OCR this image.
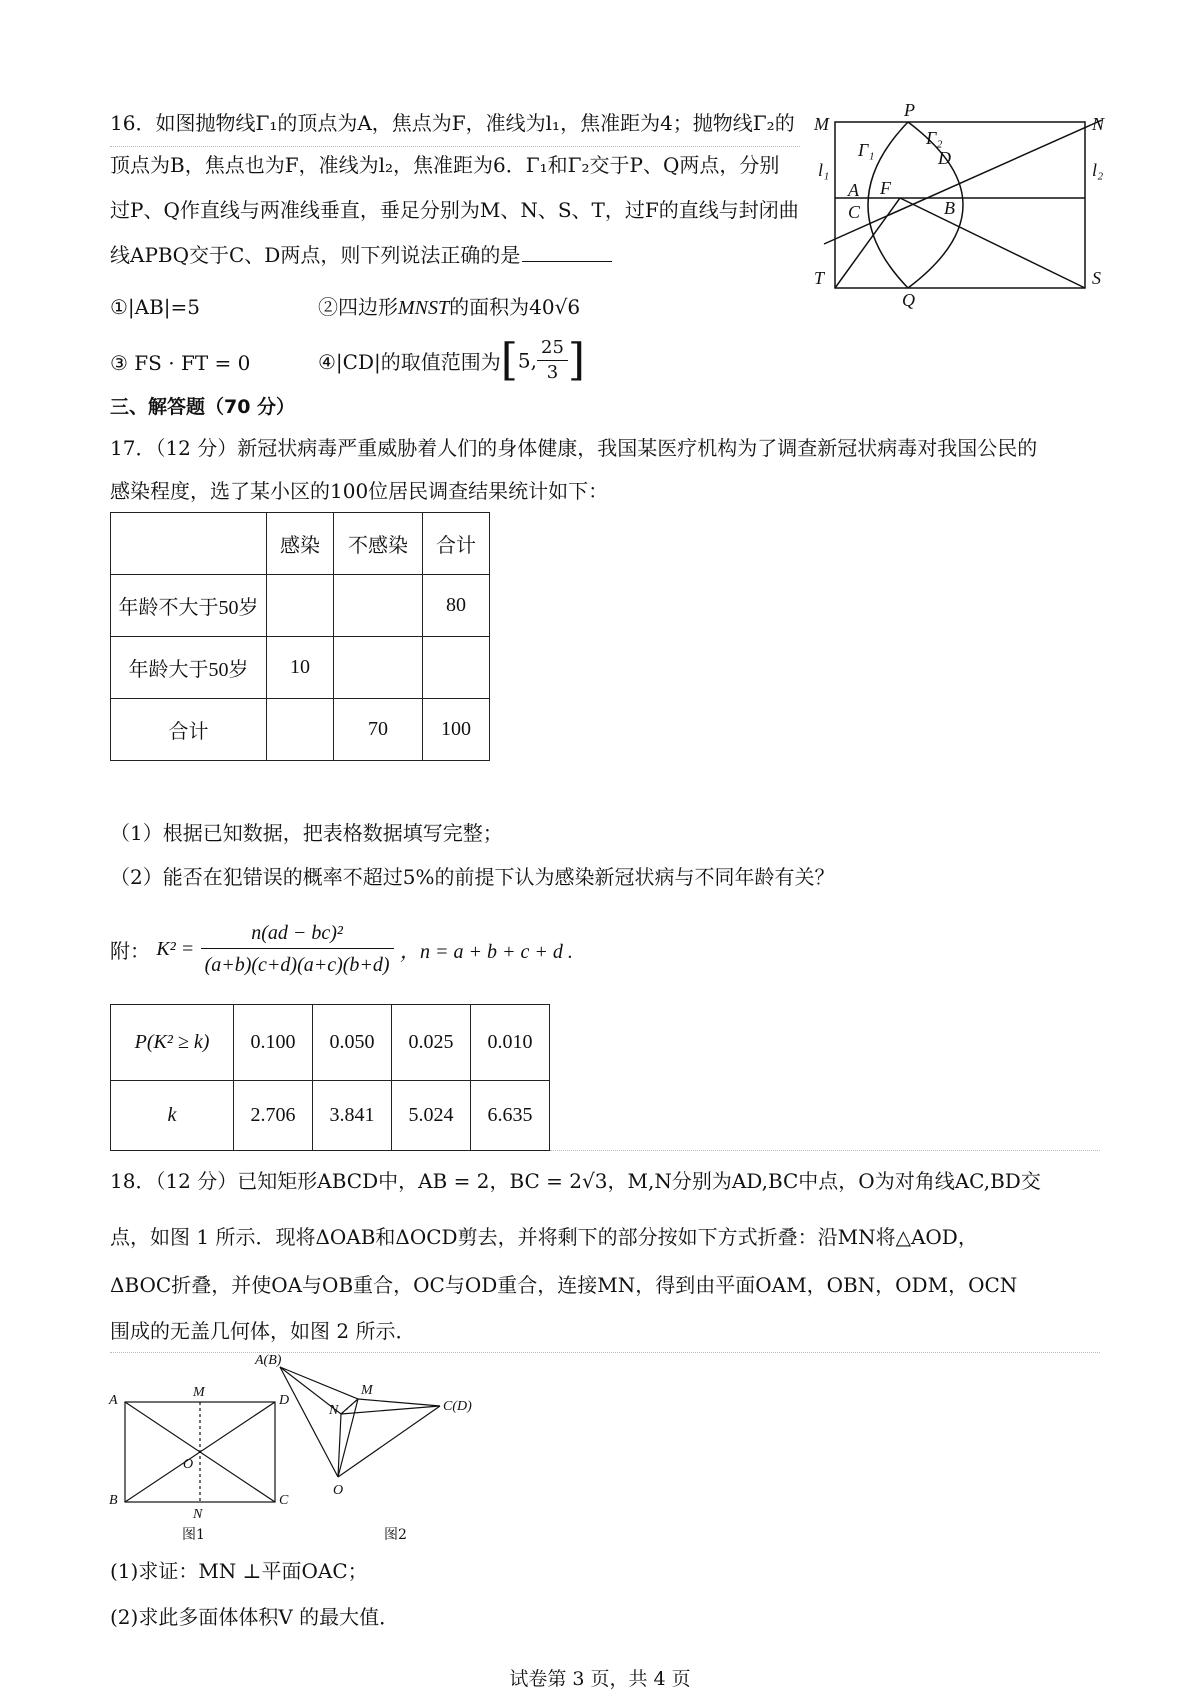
16．如图抛物线Γ₁的顶点为A，焦点为F，准线为l₁，焦准距为4；抛物线Γ₂的
顶点为B，焦点也为F，准线为l₂，焦准距为6．Γ₁和Γ₂交于P、Q两点，分别
过P、Q作直线与两准线垂直，垂足分别为M、N、S、T，过F的直线与封闭曲
线APBQ交于C、D两点，则下列说法正确的是
①|AB|=5	②四边形MNST的面积为40√6
③ FS · FT = 0	④|CD|的取值范围为[5, $\frac{25}{3}$ ]
M
P
N
l₁	l₂
Γ₁
Γ₂
D
A F
C	B
T
Q
S
三、解答题（70 分）
17．（12 分）新冠状病毒严重威胁着人们的身体健康，我国某医疗机构为了调查新冠状病毒对我国公民的
感染程度，选了某小区的100位居民调查结果统计如下：
	感染	不感染	合计
年龄不大于50岁			80
年龄大于50岁	10		
合计		70	100
（1）根据已知数据，把表格数据填写完整；
（2）能否在犯错误的概率不超过5%的前提下认为感染新冠状病与不同年龄有关？
附： $K^2 = \frac{\text{n(ad − bc)²}}{(a+b)(c+d)(a+c)(b+d)}$ ，n = a + b + c + d .
P(K² ≥ k)	0.100	0.050	0.025	0.010
k	2.706	3.841	5.024	6.635
18．（12 分）已知矩形ABCD中，AB = 2，BC = 2√3，M,N分别为AD,BC中点，O为对角线AC,BD交
点，如图 1 所示．现将ΔOAB和ΔOCD剪去，并将剩下的部分按如下方式折叠：沿MN将△AOD，
ΔBOC折叠，并使OA与OB重合，OC与OD重合，连接MN，得到由平面OAM，OBN，ODM，OCN
围成的无盖几何体，如图 2 所示．
A
M
D
O
B
N
C
A(B)
M
N	C(D)
O
图1	图2
(1)求证：MN ⊥平面OAC；
(2)求此多面体体积V 的最大值．
试卷第 3 页，共 4 页
